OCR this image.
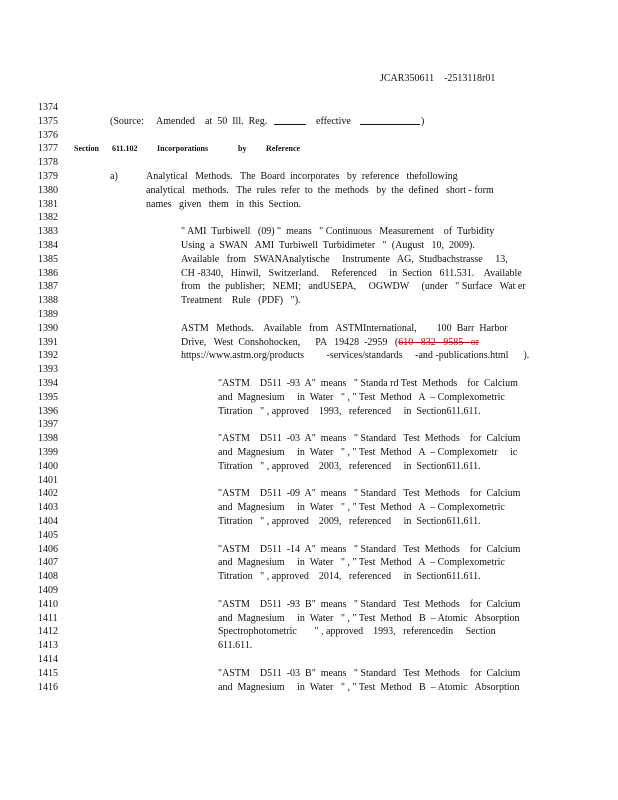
JCAR350611    -2513118r01
1374
1375	(Source: Amended at  50  Ill.  Reg.	effective	)
1376
1377	Section 611.102 Incorporations	by Reference
1378
1379	Analytical   Methods.   The  Board  incorporates   by  reference   thefollowing
a)
1380	analytical   methods.   The  rules  refer  to  the  methods   by  the  defined   short - form
1381	names   given   them   in  this  Section.
1382
1383	" AMI  Turbiwell   (09) "  means   " Continuous   Measurement    of  Turbidity
1384	Using  a  SWAN   AMI  Turbiwell  Turbidimeter   "  (August   10,  2009).
1385	Available   from   SWANAnalytische     Instrumente   AG,  Studbachstrasse     13,
1386	CH -8340,   Hinwil,   Switzerland.     Referenced     in  Section   611.531.    Available
1387	from   the  publisher;   NEMI;   andUSEPA,     OGWDW     (under   " Surface   Wat er
1388	Treatment    Rule   (PDF)   ").
1389
1390	ASTM   Methods.    Available   from   ASTMInternational,        100  Barr  Harbor
1391	Drive,   West  Conshohocken,      PA   19428  -2959   (610   832   9585   or
1392	https://www.astm.org/products         -services/standards     -and -publications.html      ).
1393
1394	"ASTM    D511  -93  A"  means   " Standa rd Test  Methods    for  Calcium
1395	and  Magnesium     in  Water   " , " Test  Method   A  – Complexometric
1396	Titration   " , approved    1993,   referenced     in  Section611.611.
1397
1398	"ASTM    D511  -03  A"  means   " Standard   Test  Methods    for  Calcium
1399	and  Magnesium     in  Water   " , " Test  Method   A  – Complexometr     ic
1400	Titration   " , approved    2003,   referenced     in  Section611.611.
1401
1402	"ASTM    D511  -09  A"  means   " Standard   Test  Methods    for  Calcium
1403	and  Magnesium     in  Water   " , " Test  Method   A  – Complexometric
1404	Titration   " , approved    2009,   referenced     in  Section611.611.
1405
1406	"ASTM    D511  -14  A"  means   " Standard   Test  Methods    for  Calcium
1407	and  Magnesium     in  Water   " , " Test  Method   A  – Complexometric
1408	Titration   " , approved    2014,   referenced     in  Section611.611.
1409
1410	"ASTM    D511  -93  B"  means   " Standard   Test  Methods    for  Calcium
1411	and  Magnesium     in  Water   " , " Test  Method   B  – Atomic   Absorption
1412	Spectrophotometric       " , approved    1993,   referencedin     Section
1413	611.611.
1414
1415	"ASTM    D511  -03  B"  means   " Standard   Test  Methods    for  Calcium
1416	and  Magnesium     in  Water   " , " Test  Method   B  – Atomic   Absorption
